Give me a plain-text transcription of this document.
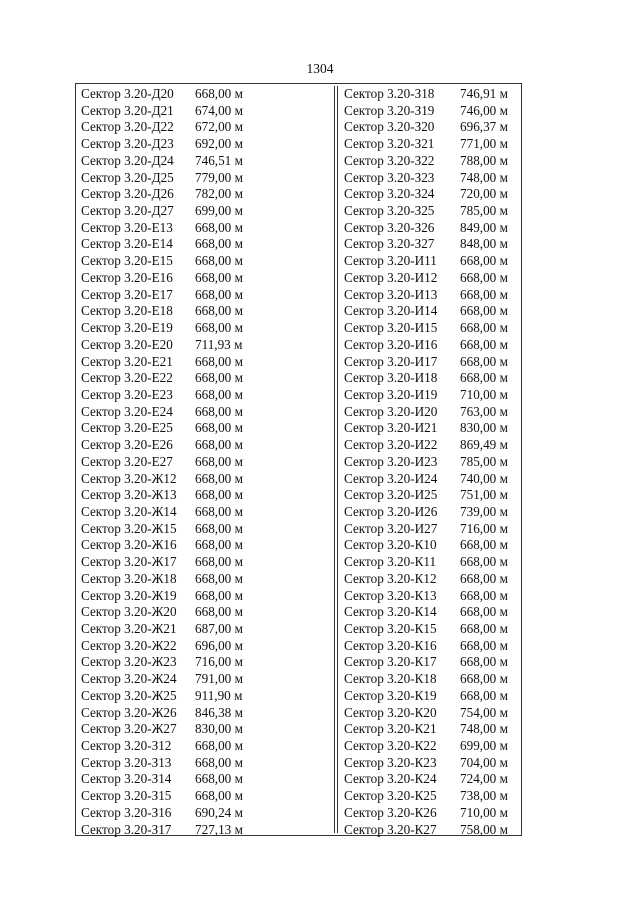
1304
Сектор 3.20-Д20 668,00 м
Сектор 3.20-Д21 674,00 м
Сектор 3.20-Д22 672,00 м
Сектор 3.20-Д23 692,00 м
Сектор 3.20-Д24 746,51 м
Сектор 3.20-Д25 779,00 м
Сектор 3.20-Д26 782,00 м
Сектор 3.20-Д27 699,00 м
Сектор 3.20-Е13 668,00 м
Сектор 3.20-Е14 668,00 м
Сектор 3.20-Е15 668,00 м
Сектор 3.20-Е16 668,00 м
Сектор 3.20-Е17 668,00 м
Сектор 3.20-Е18 668,00 м
Сектор 3.20-Е19 668,00 м
Сектор 3.20-Е20 711,93 м
Сектор 3.20-Е21 668,00 м
Сектор 3.20-Е22 668,00 м
Сектор 3.20-Е23 668,00 м
Сектор 3.20-Е24 668,00 м
Сектор 3.20-Е25 668,00 м
Сектор 3.20-Е26 668,00 м
Сектор 3.20-Е27 668,00 м
Сектор 3.20-Ж12 668,00 м
Сектор 3.20-Ж13 668,00 м
Сектор 3.20-Ж14 668,00 м
Сектор 3.20-Ж15 668,00 м
Сектор 3.20-Ж16 668,00 м
Сектор 3.20-Ж17 668,00 м
Сектор 3.20-Ж18 668,00 м
Сектор 3.20-Ж19 668,00 м
Сектор 3.20-Ж20 668,00 м
Сектор 3.20-Ж21 687,00 м
Сектор 3.20-Ж22 696,00 м
Сектор 3.20-Ж23 716,00 м
Сектор 3.20-Ж24 791,00 м
Сектор 3.20-Ж25 911,90 м
Сектор 3.20-Ж26 846,38 м
Сектор 3.20-Ж27 830,00 м
Сектор 3.20-З12 668,00 м
Сектор 3.20-З13 668,00 м
Сектор 3.20-З14 668,00 м
Сектор 3.20-З15 668,00 м
Сектор 3.20-З16 690,24 м
Сектор 3.20-З17 727,13 м
Сектор 3.20-З18 746,91 м
Сектор 3.20-З19 746,00 м
Сектор 3.20-З20 696,37 м
Сектор 3.20-З21 771,00 м
Сектор 3.20-З22 788,00 м
Сектор 3.20-З23 748,00 м
Сектор 3.20-З24 720,00 м
Сектор 3.20-З25 785,00 м
Сектор 3.20-З26 849,00 м
Сектор 3.20-З27 848,00 м
Сектор 3.20-И11 668,00 м
Сектор 3.20-И12 668,00 м
Сектор 3.20-И13 668,00 м
Сектор 3.20-И14 668,00 м
Сектор 3.20-И15 668,00 м
Сектор 3.20-И16 668,00 м
Сектор 3.20-И17 668,00 м
Сектор 3.20-И18 668,00 м
Сектор 3.20-И19 710,00 м
Сектор 3.20-И20 763,00 м
Сектор 3.20-И21 830,00 м
Сектор 3.20-И22 869,49 м
Сектор 3.20-И23 785,00 м
Сектор 3.20-И24 740,00 м
Сектор 3.20-И25 751,00 м
Сектор 3.20-И26 739,00 м
Сектор 3.20-И27 716,00 м
Сектор 3.20-К10 668,00 м
Сектор 3.20-К11 668,00 м
Сектор 3.20-К12 668,00 м
Сектор 3.20-К13 668,00 м
Сектор 3.20-К14 668,00 м
Сектор 3.20-К15 668,00 м
Сектор 3.20-К16 668,00 м
Сектор 3.20-К17 668,00 м
Сектор 3.20-К18 668,00 м
Сектор 3.20-К19 668,00 м
Сектор 3.20-К20 754,00 м
Сектор 3.20-К21 748,00 м
Сектор 3.20-К22 699,00 м
Сектор 3.20-К23 704,00 м
Сектор 3.20-К24 724,00 м
Сектор 3.20-К25 738,00 м
Сектор 3.20-К26 710,00 м
Сектор 3.20-К27 758,00 м
